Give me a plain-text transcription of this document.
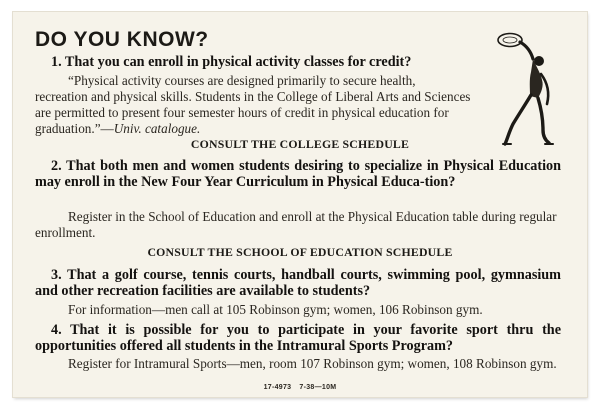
DO YOU KNOW?

1. That you can enroll in physical activity classes for credit?

“Physical activity courses are designed primarily to secure health, recreation and physical skills. Students in the College of Liberal Arts and Sciences are permitted to present four semester hours of credit in physical education for graduation.”—Univ. catalogue.

CONSULT THE COLLEGE SCHEDULE

2. That both men and women students desiring to specialize in Physical Education may enroll in the New Four Year Curriculum in Physical Educa-tion?

Register in the School of Education and enroll at the Physical Education table during regular enrollment.

CONSULT THE SCHOOL OF EDUCATION SCHEDULE

3. That a golf course, tennis courts, handball courts, swimming pool, gymnasium and other recreation facilities are available to students?

For information—men call at 105 Robinson gym; women, 106 Robinson gym.

4. That it is possible for you to participate in your favorite sport thru the opportunities offered all students in the Intramural Sports Program?

Register for Intramural Sports—men, room 107 Robinson gym; women, 108 Robinson gym.

17-4973 7-38—10M
